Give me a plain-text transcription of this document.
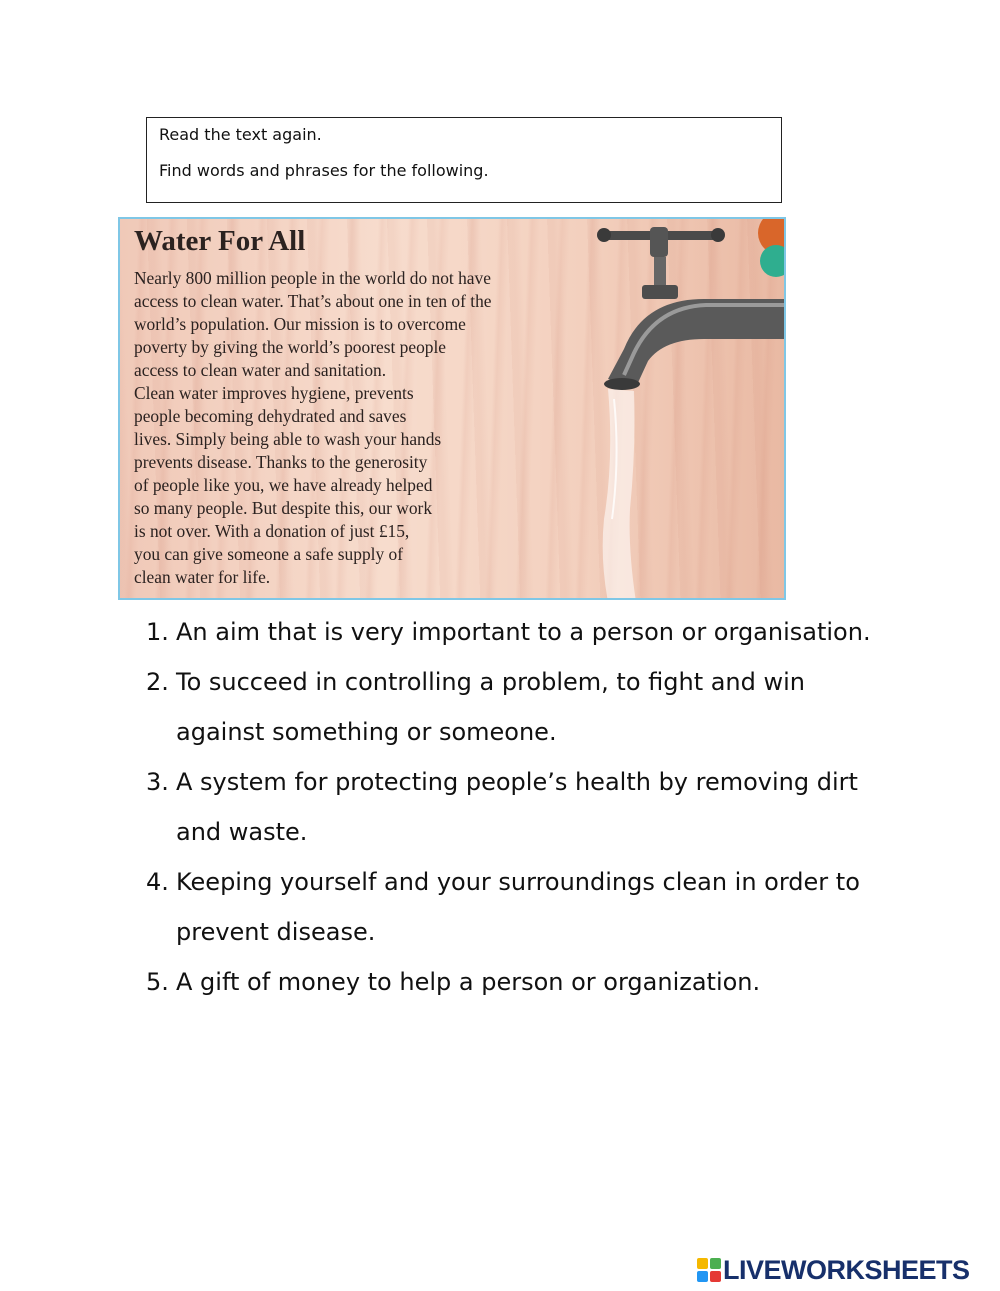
Read the text again.

Find words and phrases for the following.

Water For All
Nearly 800 million people in the world do not have
access to clean water. That’s about one in ten of the
world’s population. Our mission is to overcome
poverty by giving the world’s poorest people
access to clean water and sanitation.
Clean water improves hygiene, prevents
people becoming dehydrated and saves
lives. Simply being able to wash your hands
prevents disease. Thanks to the generosity
of people like you, we have already helped
so many people. But despite this, our work
is not over. With a donation of just £15,
you can give someone a safe supply of
clean water for life.
1. An aim that is very important to a person or organisation.
2. To succeed in controlling a problem, to fight and win against something or someone.
3. A system for protecting people’s health by removing dirt and waste.
4. Keeping yourself and your surroundings clean in order to prevent disease.
5. A gift of money to help a person or organization.
LIVEWORKSHEETS
